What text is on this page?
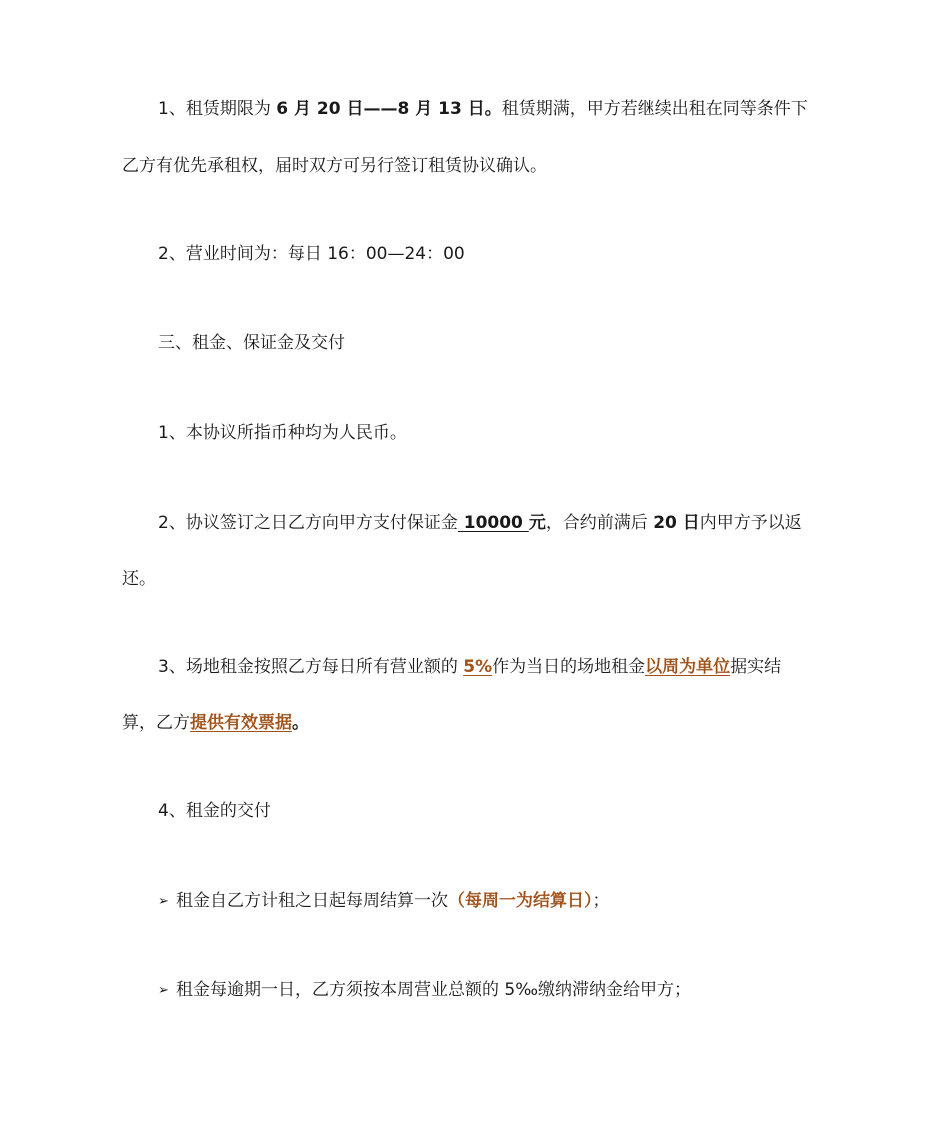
1、租赁期限为 6 月 20 日——8 月 13 日。租赁期满，甲方若继续出租在同等条件下
乙方有优先承租权，届时双方可另行签订租赁协议确认。
2、营业时间为：每日 16：00—24：00
三、租金、保证金及交付
1、本协议所指币种均为人民币。
2、协议签订之日乙方向甲方支付保证金 10000 元，合约前满后 20 日内甲方予以返
还。
3、场地租金按照乙方每日所有营业额的 5%作为当日的场地租金以周为单位据实结
算，乙方提供有效票据。
4、租金的交付
➢ 租金自乙方计租之日起每周结算一次（每周一为结算日）；
➢ 租金每逾期一日，乙方须按本周营业总额的 5‰缴纳滞纳金给甲方；
